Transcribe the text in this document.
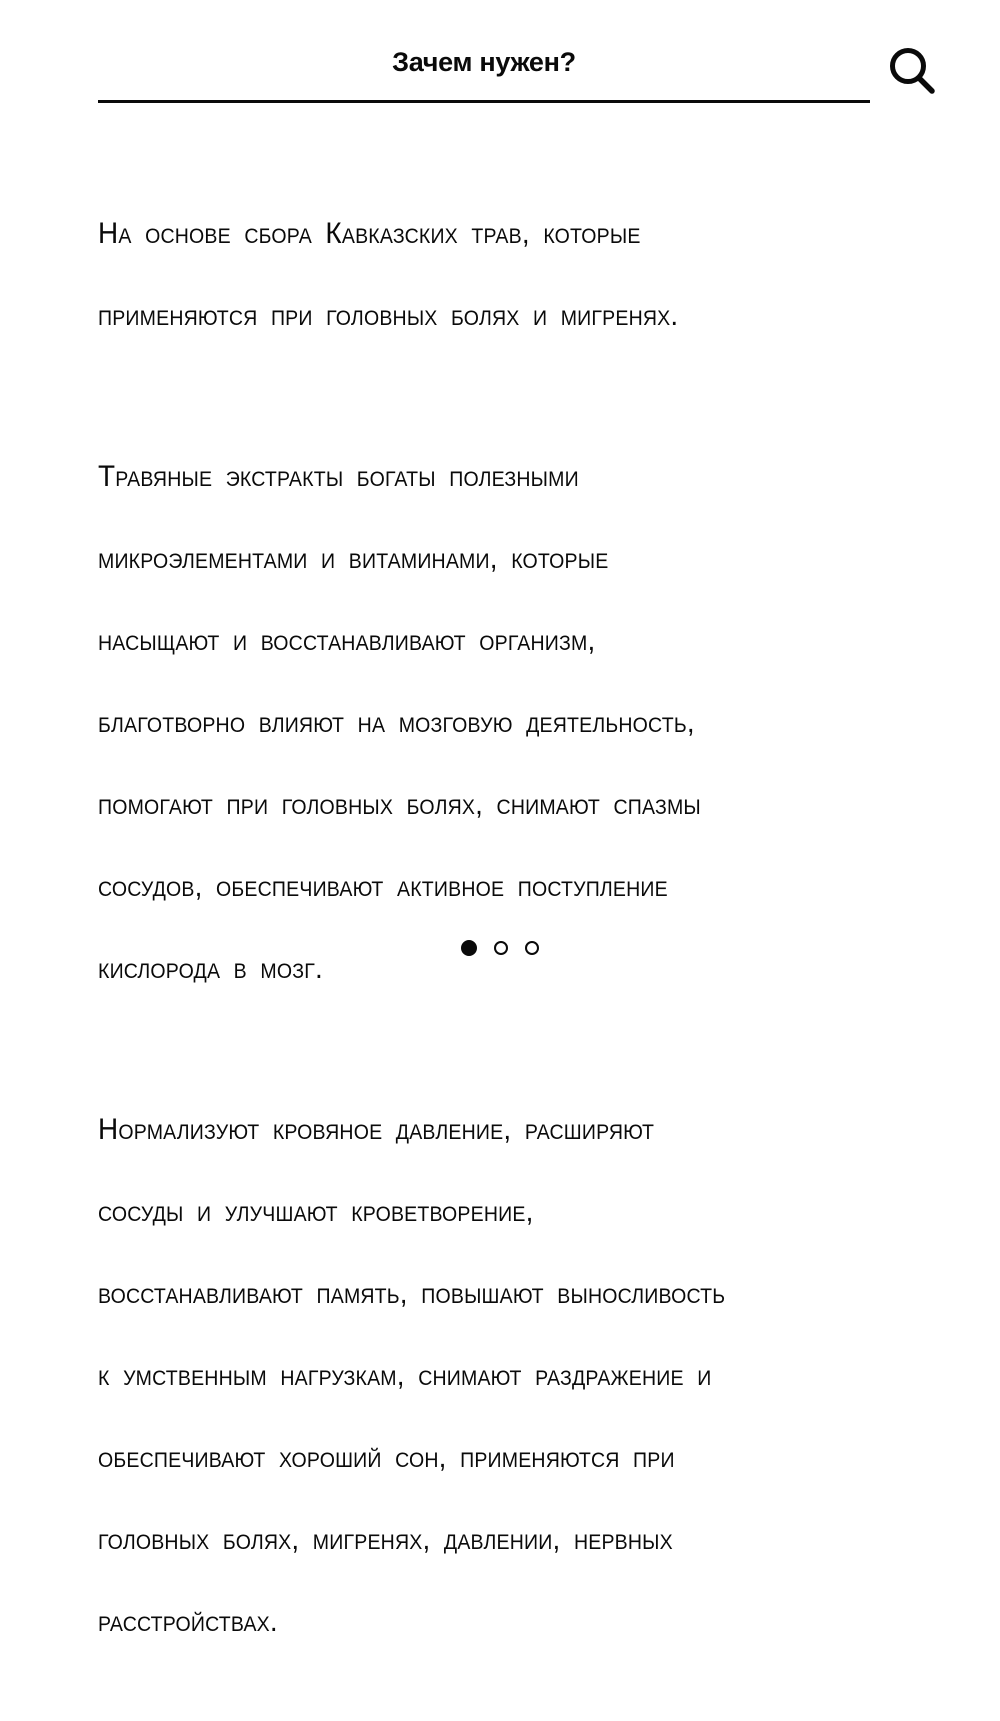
Зачем нужен?

На основе сбора Кавказских трав, которые

применяются при головных болях и мигренях.

Травяные экстракты богаты полезными

микроэлементами и витаминами, которые

насыщают и восстанавливают организм,

благотворно влияют на мозговую деятельность,

помогают при головных болях, снимают спазмы

сосудов, обеспечивают активное поступление

кислорода в мозг.

Нормализуют кровяное давление, расширяют

сосуды и улучшают кроветворение,

восстанавливают память, повышают выносливость

к умственным нагрузкам, снимают раздражение и

обеспечивают хороший сон, применяются при

головных болях, мигренях, давлении, нервных

расстройствах.
